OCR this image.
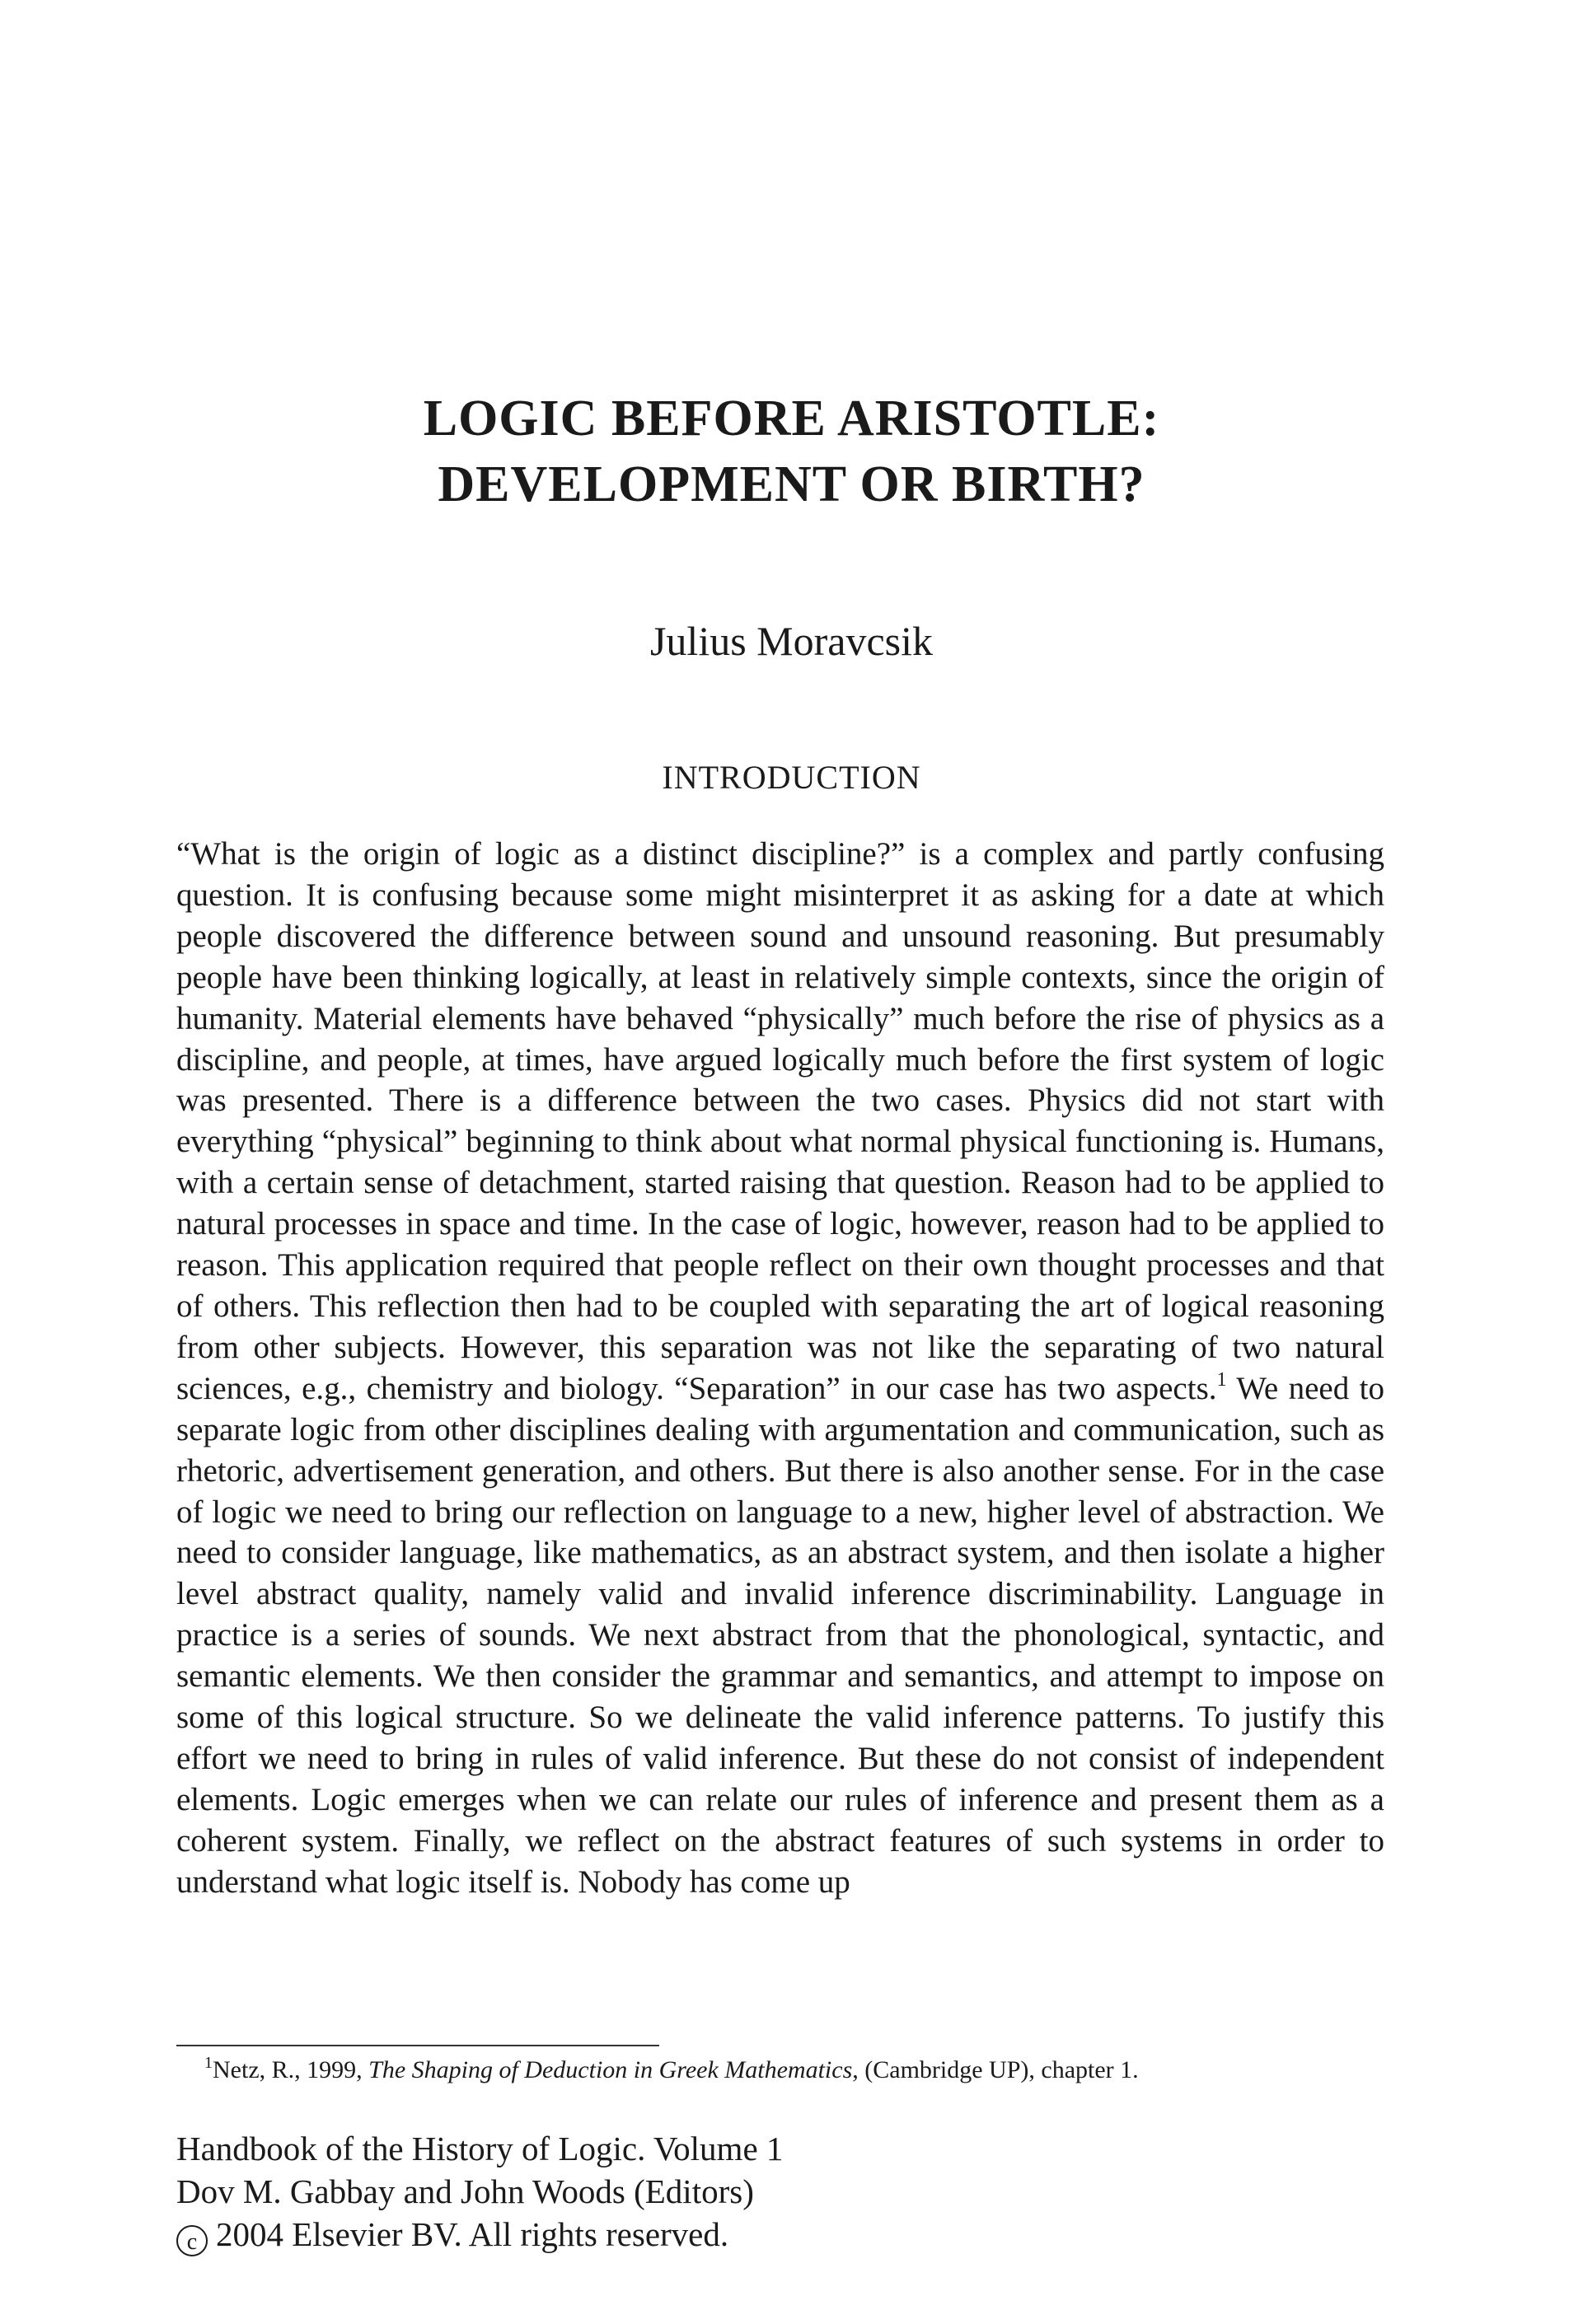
LOGIC BEFORE ARISTOTLE:
DEVELOPMENT OR BIRTH?
Julius Moravcsik
INTRODUCTION

“What is the origin of logic as a distinct discipline?” is a complex and partly confusing question. It is confusing because some might misinterpret it as asking for a date at which people discovered the difference between sound and unsound reasoning. But presumably people have been thinking logically, at least in relatively simple contexts, since the origin of humanity. Material elements have behaved “physically” much before the rise of physics as a discipline, and people, at times, have argued logically much before the first system of logic was presented. There is a difference between the two cases. Physics did not start with everything “physical” beginning to think about what normal physical functioning is. Humans, with a certain sense of detachment, started raising that question. Reason had to be applied to natural processes in space and time. In the case of logic, however, reason had to be applied to reason. This application required that people reflect on their own thought processes and that of others. This reflection then had to be coupled with separating the art of logical reasoning from other subjects. However, this separation was not like the separating of two natural sciences, e.g., chemistry and biology. “Separation” in our case has two aspects.$^1$ We need to separate logic from other disciplines dealing with argumentation and communication, such as rhetoric, advertisement generation, and others. But there is also another sense. For in the case of logic we need to bring our reflection on language to a new, higher level of abstraction. We need to consider language, like mathematics, as an abstract system, and then isolate a higher level abstract quality, namely valid and invalid inference discriminability. Language in practice is a series of sounds. We next abstract from that the phonological, syntactic, and semantic elements. We then consider the grammar and semantics, and attempt to impose on some of this logical structure. So we delineate the valid inference patterns. To justify this effort we need to bring in rules of valid inference. But these do not consist of independent elements. Logic emerges when we can relate our rules of inference and present them as a coherent system. Finally, we reflect on the abstract features of such systems in order to understand what logic itself is. Nobody has come up

$^1$Netz, R., 1999, The Shaping of Deduction in Greek Mathematics, (Cambridge UP), chapter 1.
Handbook of the History of Logic. Volume 1
Dov M. Gabbay and John Woods (Editors)
c 2004 Elsevier BV. All rights reserved.
